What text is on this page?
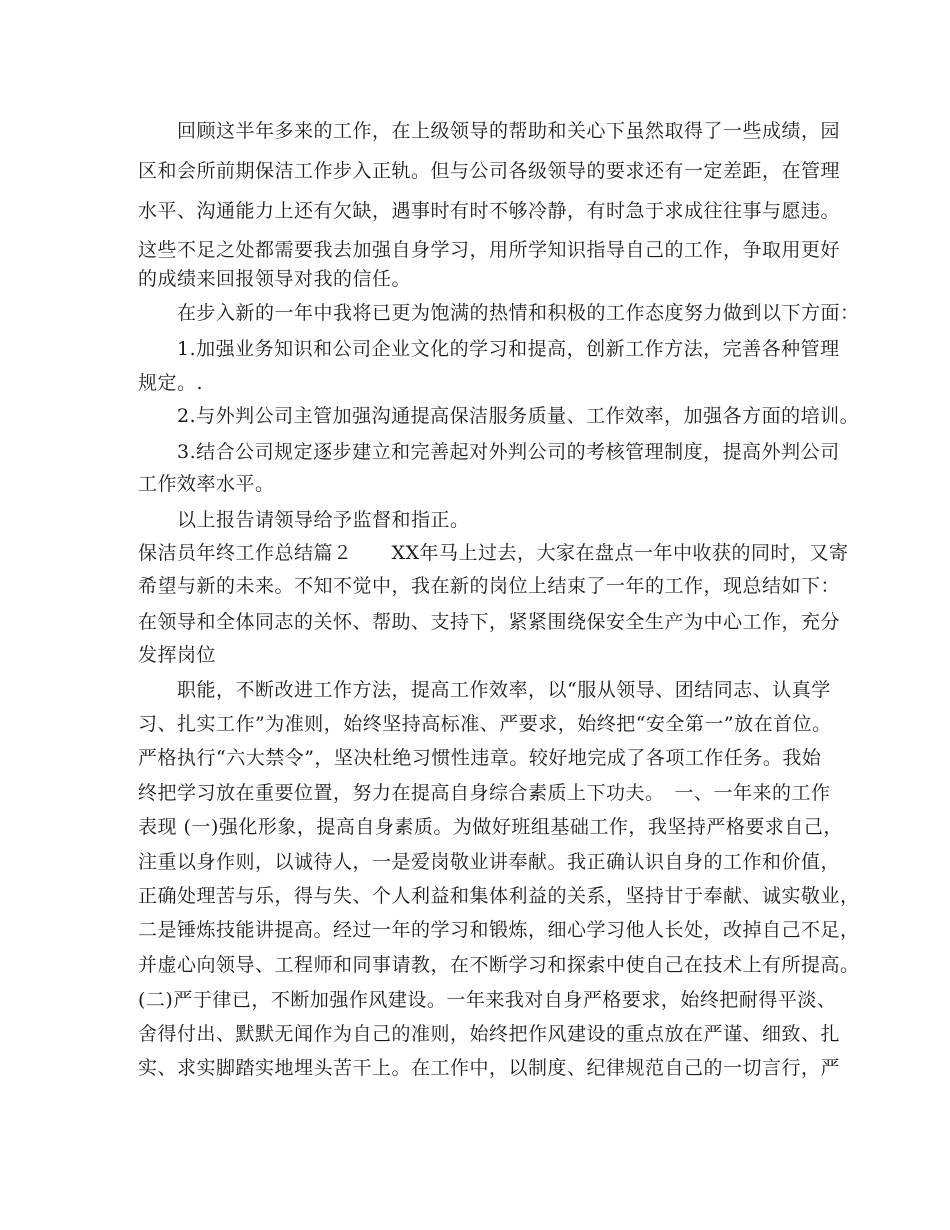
回顾这半年多来的工作，在上级领导的帮助和关心下虽然取得了一些成绩，园
区和会所前期保洁工作步入正轨。但与公司各级领导的要求还有一定差距，在管理
水平、沟通能力上还有欠缺，遇事时有时不够冷静，有时急于求成往往事与愿违。
这些不足之处都需要我去加强自身学习，用所学知识指导自己的工作，争取用更好
的成绩来回报领导对我的信任。
在步入新的一年中我将已更为饱满的热情和积极的工作态度努力做到以下方面：
1.加强业务知识和公司企业文化的学习和提高，创新工作方法，完善各种管理
规定。.
2.与外判公司主管加强沟通提高保洁服务质量、工作效率，加强各方面的培训。
3.结合公司规定逐步建立和完善起对外判公司的考核管理制度，提高外判公司
工作效率水平。
以上报告请领导给予监督和指正。
保洁员年终工作总结篇２　　XX年马上过去，大家在盘点一年中收获的同时，又寄
希望与新的未来。不知不觉中，我在新的岗位上结束了一年的工作，现总结如下：
在领导和全体同志的关怀、帮助、支持下，紧紧围绕保安全生产为中心工作，充分
发挥岗位
职能，不断改进工作方法，提高工作效率，以“服从领导、团结同志、认真学
习、扎实工作”为准则，始终坚持高标准、严要求，始终把“安全第一”放在首位。
严格执行“六大禁令”，坚决杜绝习惯性违章。较好地完成了各项工作任务。我始
终把学习放在重要位置，努力在提高自身综合素质上下功夫。　一、一年来的工作
表现 (一)强化形象，提高自身素质。为做好班组基础工作，我坚持严格要求自己，
注重以身作则，以诚待人，一是爱岗敬业讲奉献。我正确认识自身的工作和价值，
正确处理苦与乐，得与失、个人利益和集体利益的关系，坚持甘于奉献、诚实敬业，
二是锤炼技能讲提高。经过一年的学习和锻炼，细心学习他人长处，改掉自己不足，
并虚心向领导、工程师和同事请教，在不断学习和探索中使自己在技术上有所提高。
(二)严于律已，不断加强作风建设。一年来我对自身严格要求，始终把耐得平淡、
舍得付出、默默无闻作为自己的准则，始终把作风建设的重点放在严谨、细致、扎
实、求实脚踏实地埋头苦干上。在工作中，以制度、纪律规范自己的一切言行，严
